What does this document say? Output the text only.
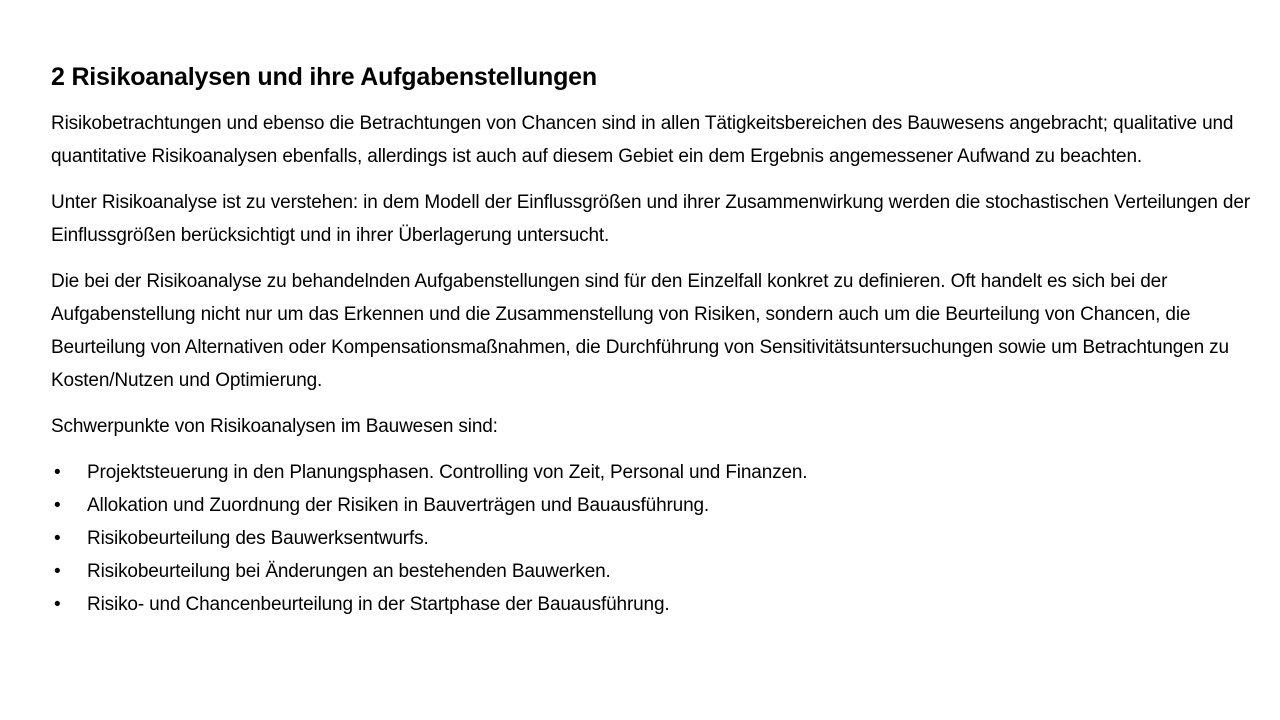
2 Risikoanalysen und ihre Aufgabenstellungen

Risikobetrachtungen und ebenso die Betrachtungen von Chancen sind in allen Tätigkeitsbereichen des Bauwesens angebracht; qualitative und quantitative Risikoanalysen ebenfalls, allerdings ist auch auf diesem Gebiet ein dem Ergebnis angemessener Aufwand zu beachten.

Unter Risikoanalyse ist zu verstehen: in dem Modell der Einflussgrößen und ihrer Zusammenwirkung werden die stochastischen Verteilungen der Einflussgrößen berücksichtigt und in ihrer Überlagerung untersucht.

Die bei der Risikoanalyse zu behandelnden Aufgabenstellungen sind für den Einzelfall konkret zu definieren. Oft handelt es sich bei der Aufgabenstellung nicht nur um das Erkennen und die Zusammenstellung von Risiken, sondern auch um die Beurteilung von Chancen, die Beurteilung von Alternativen oder Kompensationsmaßnahmen, die Durchführung von Sensitivitätsuntersuchungen sowie um Betrachtungen zu Kosten/Nutzen und Optimierung.

Schwerpunkte von Risikoanalysen im Bauwesen sind:

• Projektsteuerung in den Planungsphasen. Controlling von Zeit, Personal und Finanzen.
• Allokation und Zuordnung der Risiken in Bauverträgen und Bauausführung.
• Risikobeurteilung des Bauwerksentwurfs.
• Risikobeurteilung bei Änderungen an bestehenden Bauwerken.
• Risiko- und Chancenbeurteilung in der Startphase der Bauausführung.
